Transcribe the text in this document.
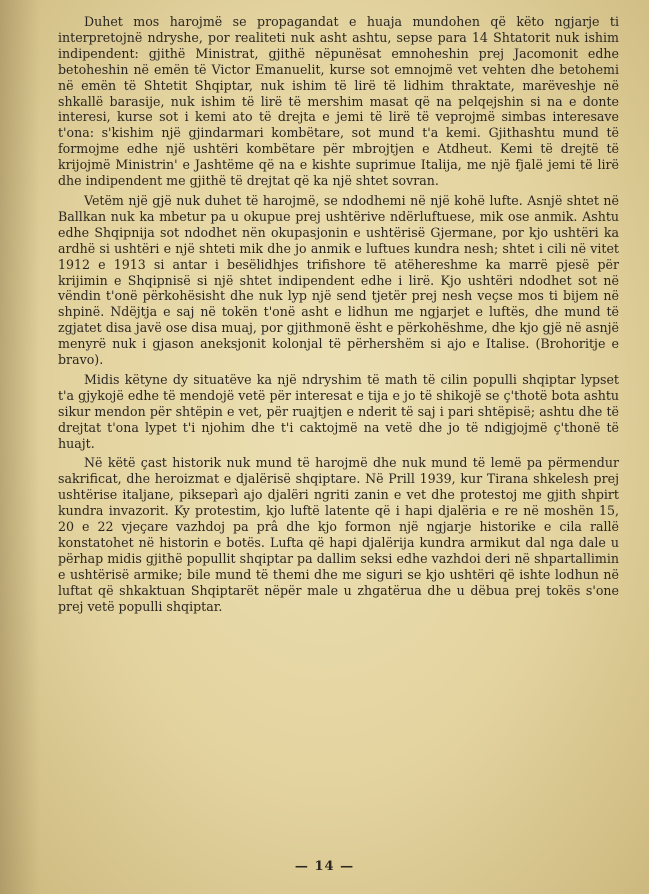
Duhet mos harojmë se propagandat e huaja mundohen që këto ngjarje ti interpretojnë ndryshe, por realiteti nuk asht ashtu, sepse para 14 Shtatorit nuk ishim indipendent: gjithë Ministrat, gjithë nëpunësat emnoheshin prej Jacomonit edhe betoheshin në emën të Victor Emanuelit, kurse sot emnojmë vet vehten dhe betohemi në emën të Shtetit Shqiptar, nuk ishim të lirë të lidhim thraktate, marëveshje në shkallë barasije, nuk ishim të lirë të mershim masat që na pelqejshin si na e donte interesi, kurse sot i kemi ato të drejta e jemi të lirë të veprojmë simbas interesave t'ona: s'kishim një gjindarmari kombëtare, sot mund t'a kemi. Gjithashtu mund të formojme edhe një ushtëri kombëtare për mbrojtjen e Atdheut. Kemi të drejtë të krijojmë Ministrin' e Jashtëme që na e kishte suprimue Italija, me një fjalë jemi të lirë dhe indipendent me gjithë të drejtat që ka një shtet sovran.

Vetëm një gjë nuk duhet të harojmë, se ndodhemi në një kohë lufte. Asnjë shtet në Ballkan nuk ka mbetur pa u okupue prej ushtërive ndërluftuese, mik ose anmik. Ashtu edhe Shqipnija sot ndodhet nën okupasjonin e ushtërisë Gjermane, por kjo ushtëri ka ardhë si ushtëri e një shteti mik dhe jo anmik e luftues kundra nesh; shtet i cili në vitet 1912 e 1913 si antar i besëlidhjes trifishore të atëhereshme ka marrë pjesë për krijimin e Shqipnisë si një shtet indipendent edhe i lirë. Kjo ushtëri ndodhet sot në vëndin t'onë përkohësisht dhe nuk lyp një send tjetër prej nesh veçse mos ti bijem në shpinë. Ndëjtja e saj në tokën t'onë asht e lidhun me ngjarjet e luftës, dhe mund të zgjatet disa javë ose disa muaj, por gjithmonë ësht e përkohëshme, dhe kjo gjë në asnjë menyrë nuk i gjason aneksjonit kolonjal të përhershëm si ajo e Italise. (Brohoritje e bravo).

Midis këtyne dy situatëve ka një ndryshim të math të cilin populli shqiptar lypset t'a gjykojë edhe të mendojë vetë për interesat e tija e jo të shikojë se ç'thotë bota ashtu sikur mendon për shtëpin e vet, për ruajtjen e nderit të saj i pari shtëpisë; ashtu dhe të drejtat t'ona lypet t'i njohim dhe t'i caktojmë na vetë dhe jo të ndigjojmë ç'thonë të huajt.

Në këtë çast historik nuk mund të harojmë dhe nuk mund të lemë pa përmendur sakrificat, dhe heroizmat e djalërisë shqiptare. Në Prill 1939, kur Tirana shkelesh prej ushtërise italjane, pikseparì ajo djalëri ngriti zanin e vet dhe protestoj me gjith shpirt kundra invazorit. Ky protestim, kjo luftë latente që i hapi djalëria e re në moshën 15, 20 e 22 vjeçare vazhdoj pa prâ dhe kjo formon një ngjarje historike e cila rallë konstatohet në historin e botës. Lufta që hapi djalërija kundra armikut dal nga dale u përhap midis gjithë popullit shqiptar pa dallim seksi edhe vazhdoi deri në shpartallimin e ushtërisë armike; bile mund të themi dhe me siguri se kjo ushtëri që ishte lodhun në luftat që shkaktuan Shqiptarët nëpër male u zhgatërua dhe u dëbua prej tokës s'one prej vetë populli shqiptar.

— 14 —
